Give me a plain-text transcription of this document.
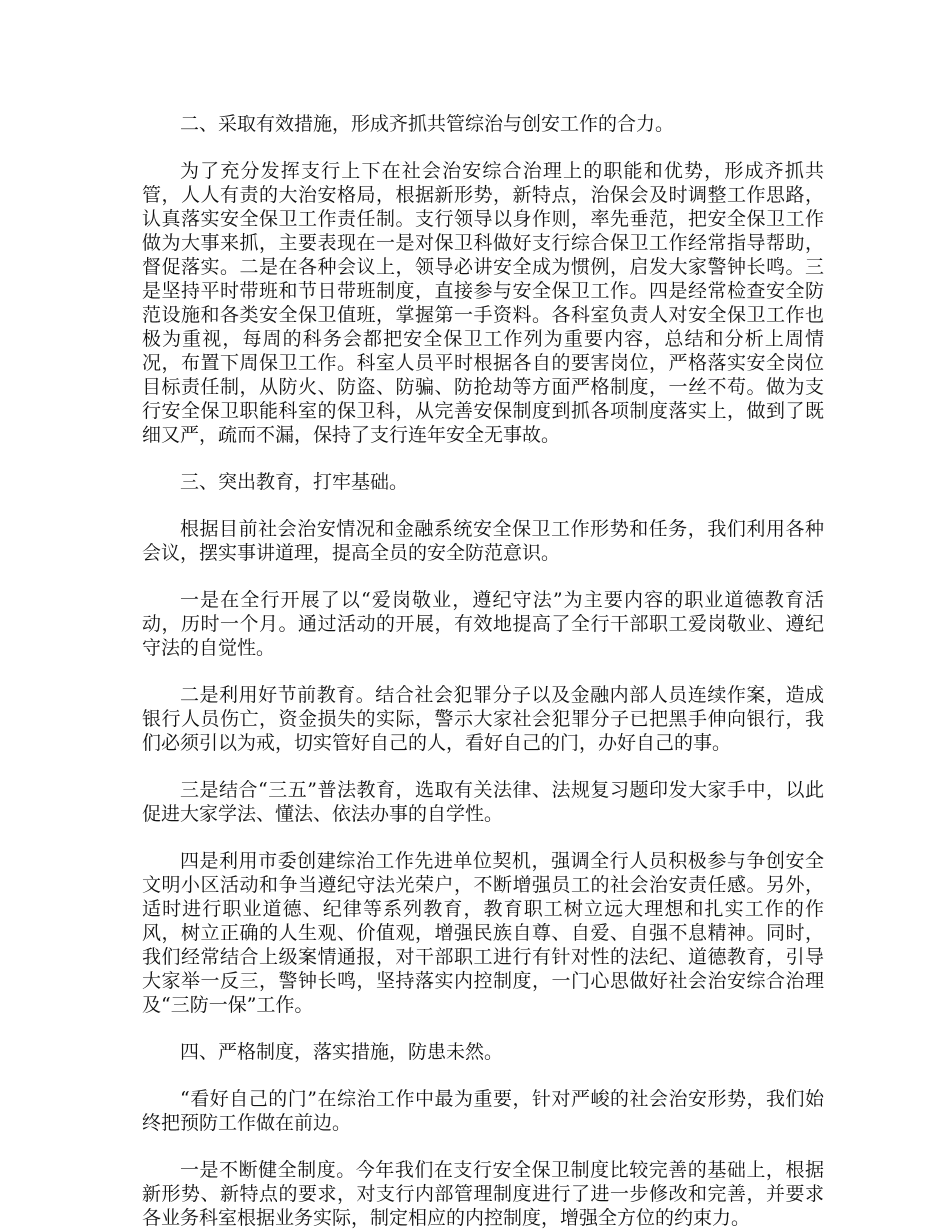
二、采取有效措施，形成齐抓共管综治与创安工作的合力。

为了充分发挥支行上下在社会治安综合治理上的职能和优势，形成齐抓共管，人人有责的大治安格局，根据新形势，新特点，治保会及时调整工作思路，认真落实安全保卫工作责任制。支行领导以身作则，率先垂范，把安全保卫工作做为大事来抓，主要表现在一是对保卫科做好支行综合保卫工作经常指导帮助，督促落实。二是在各种会议上，领导必讲安全成为惯例，启发大家警钟长鸣。三是坚持平时带班和节日带班制度，直接参与安全保卫工作。四是经常检查安全防范设施和各类安全保卫值班，掌握第一手资料。各科室负责人对安全保卫工作也极为重视，每周的科务会都把安全保卫工作列为重要内容，总结和分析上周情况，布置下周保卫工作。科室人员平时根据各自的要害岗位，严格落实安全岗位目标责任制，从防火、防盗、防骗、防抢劫等方面严格制度，一丝不苟。做为支行安全保卫职能科室的保卫科，从完善安保制度到抓各项制度落实上，做到了既细又严，疏而不漏，保持了支行连年安全无事故。

三、突出教育，打牢基础。

根据目前社会治安情况和金融系统安全保卫工作形势和任务，我们利用各种会议，摆实事讲道理，提高全员的安全防范意识。

一是在全行开展了以“爱岗敬业，遵纪守法”为主要内容的职业道德教育活动，历时一个月。通过活动的开展，有效地提高了全行干部职工爱岗敬业、遵纪守法的自觉性。

二是利用好节前教育。结合社会犯罪分子以及金融内部人员连续作案，造成银行人员伤亡，资金损失的实际，警示大家社会犯罪分子已把黑手伸向银行，我们必须引以为戒，切实管好自己的人，看好自己的门，办好自己的事。

三是结合“三五”普法教育，选取有关法律、法规复习题印发大家手中，以此促进大家学法、懂法、依法办事的自学性。

四是利用市委创建综治工作先进单位契机，强调全行人员积极参与争创安全文明小区活动和争当遵纪守法光荣户，不断增强员工的社会治安责任感。另外，适时进行职业道德、纪律等系列教育，教育职工树立远大理想和扎实工作的作风，树立正确的人生观、价值观，增强民族自尊、自爱、自强不息精神。同时，我们经常结合上级案情通报，对干部职工进行有针对性的法纪、道德教育，引导大家举一反三，警钟长鸣，坚持落实内控制度，一门心思做好社会治安综合治理及“三防一保”工作。

四、严格制度，落实措施，防患未然。

“看好自己的门”在综治工作中最为重要，针对严峻的社会治安形势，我们始终把预防工作做在前边。

一是不断健全制度。今年我们在支行安全保卫制度比较完善的基础上，根据新形势、新特点的要求，对支行内部管理制度进行了进一步修改和完善，并要求各业务科室根据业务实际，制定相应的内控制度，增强全方位的约束力。
